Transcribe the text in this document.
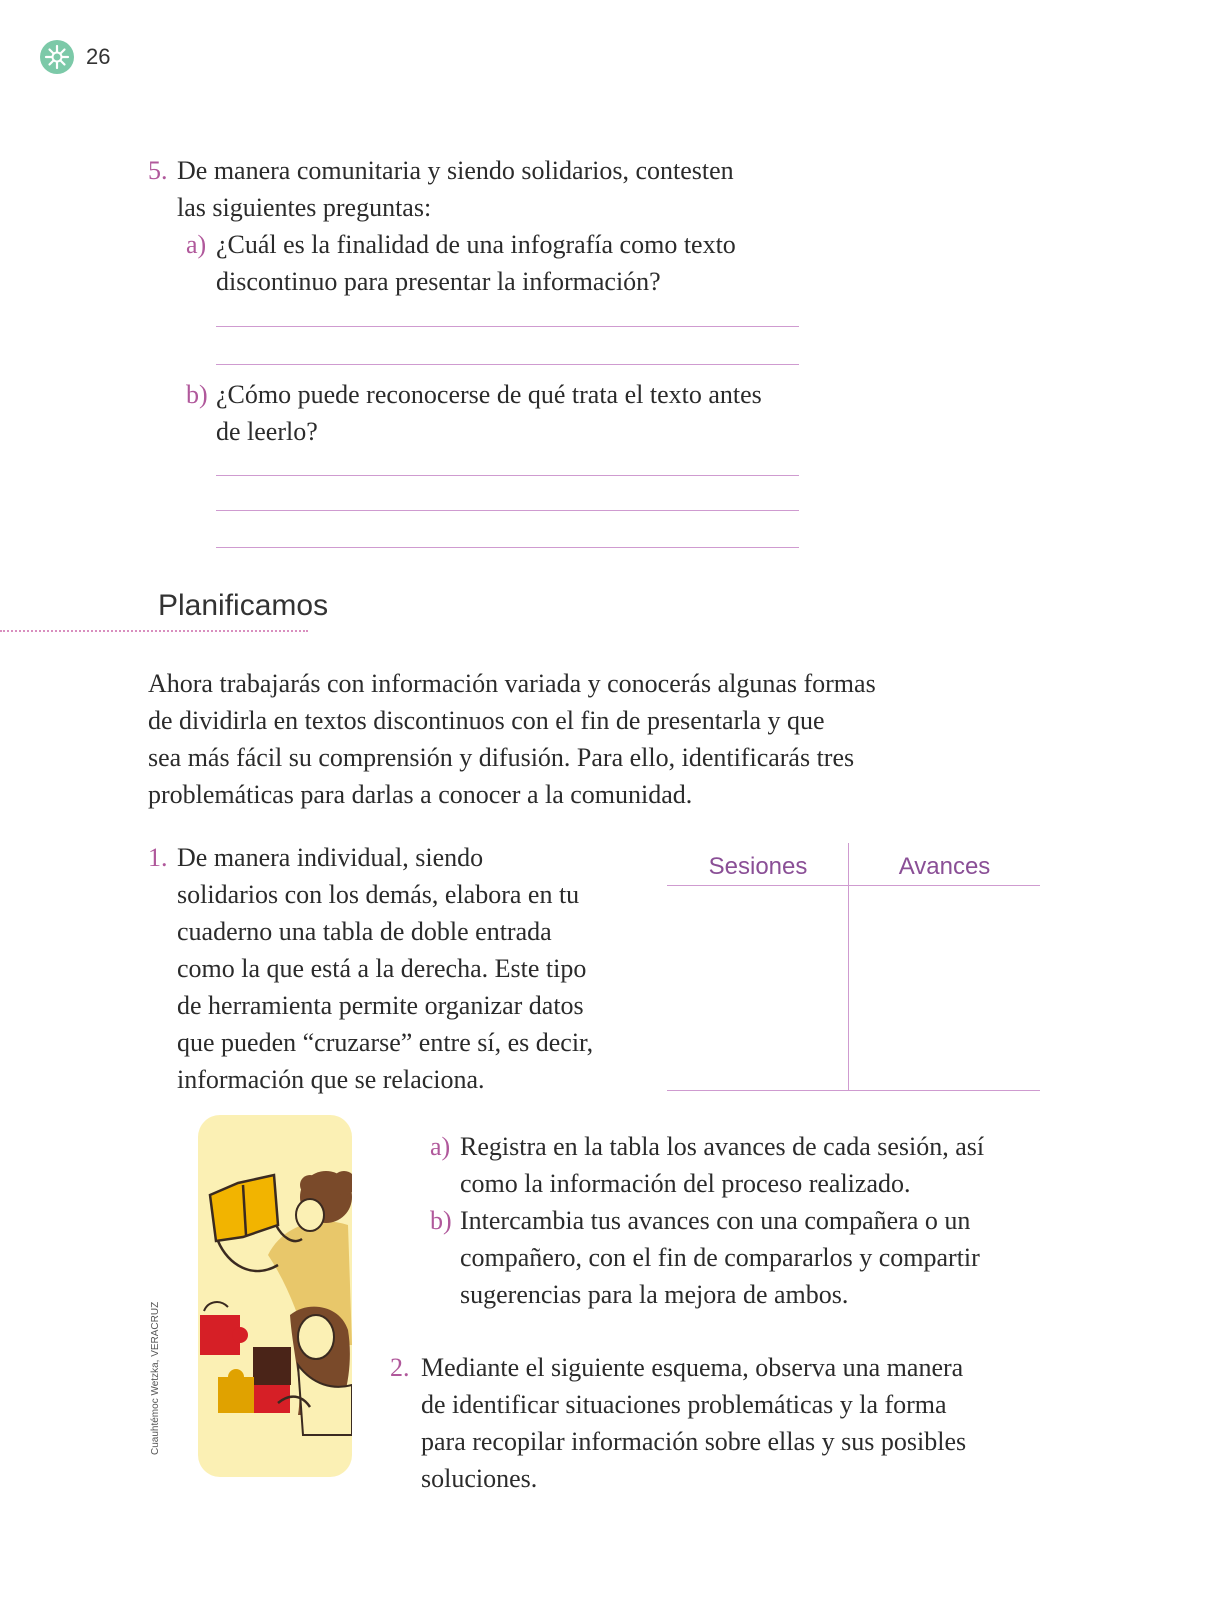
26
5. De manera comunitaria y siendo solidarios, contesten
las siguientes preguntas:
a) ¿Cuál es la finalidad de una infografía como texto
discontinuo para presentar la información?
b) ¿Cómo puede reconocerse de qué trata el texto antes
de leerlo?
Planificamos
Ahora trabajarás con información variada y conocerás algunas formas
de dividirla en textos discontinuos con el fin de presentarla y que
sea más fácil su comprensión y difusión. Para ello, identificarás tres
problemáticas para darlas a conocer a la comunidad.
1. De manera individual, siendo
solidarios con los demás, elabora en tu
cuaderno una tabla de doble entrada
como la que está a la derecha. Este tipo
de herramienta permite organizar datos
que pueden “cruzarse” entre sí, es decir,
información que se relaciona.
Sesiones	Avances
Cuauhtémoc Wetzka, VERACRUZ
a) Registra en la tabla los avances de cada sesión, así
como la información del proceso realizado.
b) Intercambia tus avances con una compañera o un
compañero, con el fin de compararlos y compartir
sugerencias para la mejora de ambos.
2. Mediante el siguiente esquema, observa una manera
de identificar situaciones problemáticas y la forma
para recopilar información sobre ellas y sus posibles
soluciones.
